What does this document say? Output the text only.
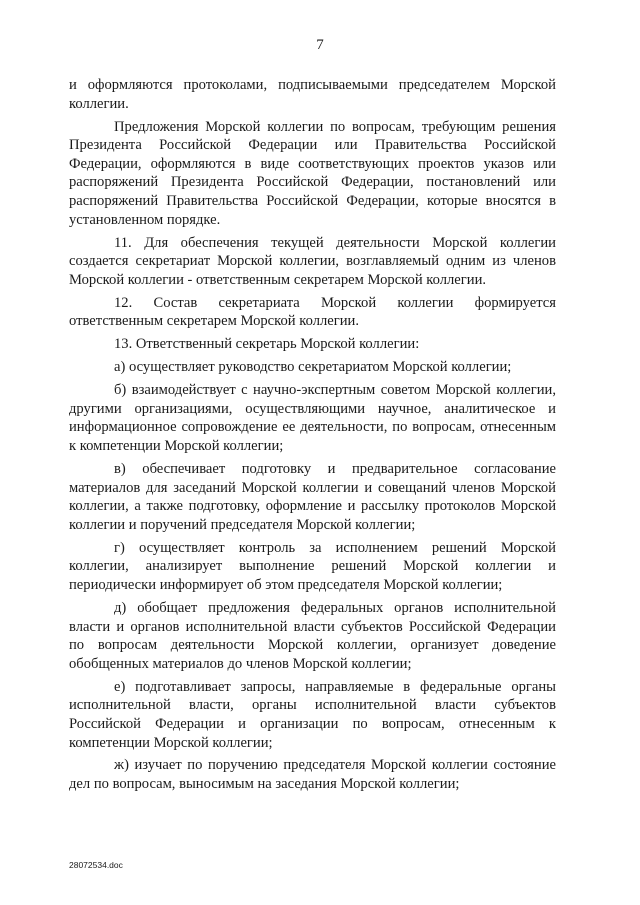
7

и оформляются протоколами, подписываемыми председателем Морской коллегии.

Предложения Морской коллегии по вопросам, требующим решения Президента Российской Федерации или Правительства Российской Федерации, оформляются в виде соответствующих проектов указов или распоряжений Президента Российской Федерации, постановлений или распоряжений Правительства Российской Федерации, которые вносятся в установленном порядке.

11. Для обеспечения текущей деятельности Морской коллегии создается секретариат Морской коллегии, возглавляемый одним из членов Морской коллегии - ответственным секретарем Морской коллегии.

12. Состав секретариата Морской коллегии формируется ответственным секретарем Морской коллегии.

13. Ответственный секретарь Морской коллегии:

а) осуществляет руководство секретариатом Морской коллегии;

б) взаимодействует с научно-экспертным советом Морской коллегии, другими организациями, осуществляющими научное, аналитическое и информационное сопровождение ее деятельности, по вопросам, отнесенным к компетенции Морской коллегии;

в) обеспечивает подготовку и предварительное согласование материалов для заседаний Морской коллегии и совещаний членов Морской коллегии, а также подготовку, оформление и рассылку протоколов Морской коллегии и поручений председателя Морской коллегии;

г) осуществляет контроль за исполнением решений Морской коллегии, анализирует выполнение решений Морской коллегии и периодически информирует об этом председателя Морской коллегии;

д) обобщает предложения федеральных органов исполнительной власти и органов исполнительной власти субъектов Российской Федерации по вопросам деятельности Морской коллегии, организует доведение обобщенных материалов до членов Морской коллегии;

е) подготавливает запросы, направляемые в федеральные органы исполнительной власти, органы исполнительной власти субъектов Российской Федерации и организации по вопросам, отнесенным к компетенции Морской коллегии;

ж) изучает по поручению председателя Морской коллегии состояние дел по вопросам, выносимым на заседания Морской коллегии;

28072534.doc
